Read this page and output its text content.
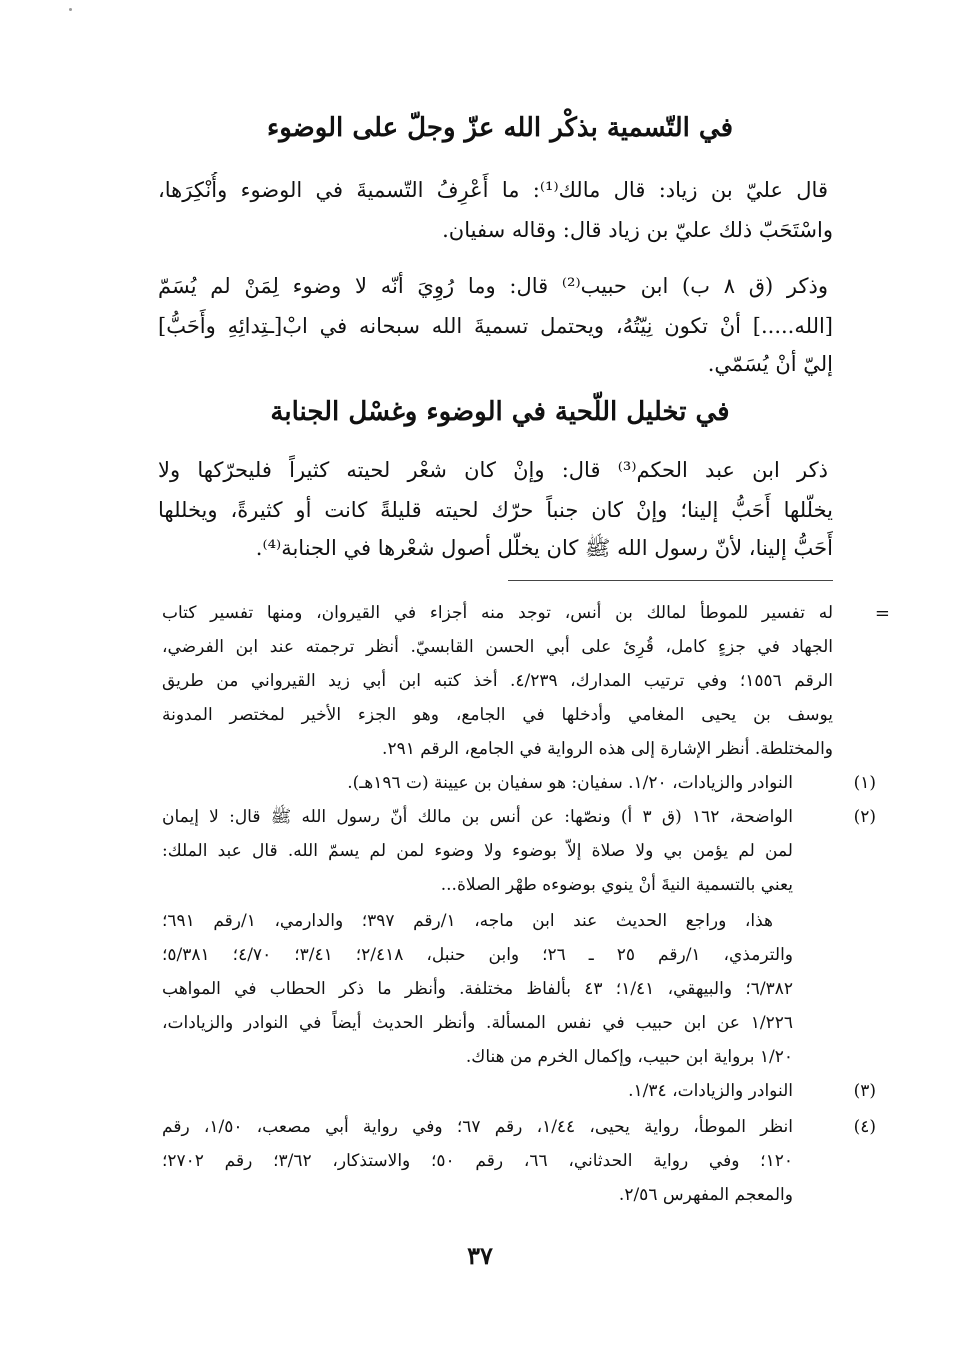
في التّسمية بذكْر الله عزّ وجلّ على الوضوء
قال عليّ بن زياد: قال مالك⁽¹⁾: ما أَعْرِفُ التّسميةَ في الوضوء وأُنْكِرَها،
واسْتَحَبّ ذلك عليّ بن زياد قال: وقاله سفيان.
وذكر (ق ٨ ب) ابن حبيب⁽²⁾ قال: وما رُوِيَ أنّه لا وضوء لِمَنْ لم يُسَمّ
[الله.....] أنْ تكون نِيّتُهُ، ويحتمل تسميةَ الله سبحانه في ابْ[ـتِدائِهِ وأَحَبُّ]
إليّ أنْ يُسَمّي.
في تخليل اللّحية في الوضوء وغسْل الجنابة
ذكر ابن عبد الحكم⁽³⁾ قال: وإنْ كان شعْر لحيته كثيراً فليحرّكها ولا
يخلّلها أَحَبُّ إلينا؛ وإنْ كان جنباً حرّك لحيته قليلةً كانت أو كثيرةً، ويخللها
أَحَبُّ إلينا، لأنّ رسول الله ﷺ كان يخلّل أصول شعْرها في الجنابة⁽⁴⁾.
=
له تفسير للموطأ لمالك بن أنس، توجد منه أجزاء في القيروان، ومنها تفسير كتاب
الجهاد في جزءٍ كامل، قُرِئ على أبي الحسن القابسيّ. أنظر ترجمته عند ابن الفرضي،
الرقم ١٥٥٦؛ وفي ترتيب المدارك، ٤/٢٣٩. أخذ كتبه ابن أبي زيد القيرواني من طريق
يوسف بن يحيى المغامي وأدخلها في الجامع، وهو الجزء الأخير لمختصر المدونة
والمختلطة. أنظر الإشارة إلى هذه الرواية في الجامع، الرقم ٢٩١.
(١)
النوادر والزيادات، ١/٢٠. سفيان: هو سفيان بن عيينة (ت ١٩٦هـ).
(٢)
الواضحة، ١٦٢ (ق ٣ أ) ونصّها: عن أنس بن مالك أنّ رسول الله ﷺ قال: لا إيمان
لمن لم يؤمن بي ولا صلاة إلاّ بوضوء ولا وضوء لمن لم يسمّ الله. قال عبد الملك:
يعني بالتسمية النيةَ أنْ ينوي بوضوءه طهْر الصلاة...
هذا، وراجع الحديث عند ابن ماجه، ١/رقم ٣٩٧؛ والدارمي، ١/رقم ٦٩١؛
والترمذي، ١/رقم ٢٥ ـ ٢٦؛ وابن حنبل، ٢/٤١٨؛ ٣/٤١؛ ٤/٧٠؛ ٥/٣٨١؛
٦/٣٨٢؛ والبيهقي، ١/٤١؛ ٤٣ بألفاظ مختلفة. وأنظر ما ذكر الحطاب في المواهب
١/٢٢٦ عن ابن حبيب في نفس المسألة. وأنظر الحديث أيضاً في النوادر والزيادات،
١/٢٠ برواية ابن حبيب، وإكمال الخرم من هناك.
(٣)
النوادر والزيادات، ١/٣٤.
(٤)
انظر الموطأ، رواية يحيى، ١/٤٤، رقم ٦٧؛ وفي رواية أبي مصعب، ١/٥٠، رقم
١٢٠؛ وفي رواية الحدثاني، ٦٦، رقم ٥٠؛ والاستذكار، ٣/٦٢؛ رقم ٢٧٠٢؛
والمعجم المفهرس ٢/٥٦.
٣٧
